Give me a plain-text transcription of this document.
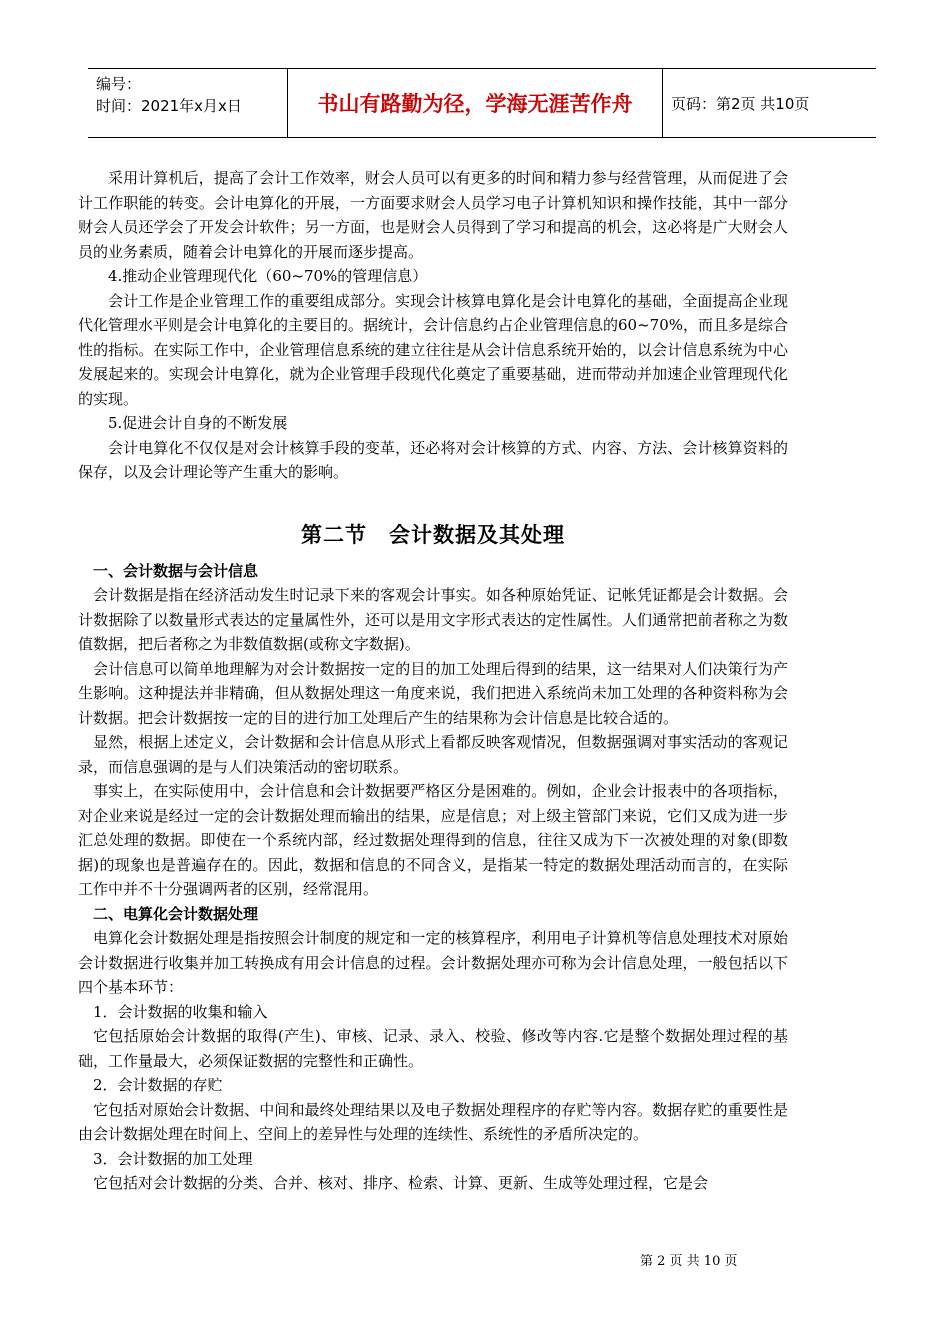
编号：
时间：2021年x月x日	书山有路勤为径，学海无涯苦作舟	页码：第2页 共10页

采用计算机后，提高了会计工作效率，财会人员可以有更多的时间和精力参与经营管理，从而促进了会计工作职能的转变。会计电算化的开展，一方面要求财会人员学习电子计算机知识和操作技能，其中一部分财会人员还学会了开发会计软件；另一方面，也是财会人员得到了学习和提高的机会，这必将是广大财会人员的业务素质，随着会计电算化的开展而逐步提高。

4.推动企业管理现代化（60~70%的管理信息）

会计工作是企业管理工作的重要组成部分。实现会计核算电算化是会计电算化的基础，全面提高企业现代化管理水平则是会计电算化的主要目的。据统计，会计信息约占企业管理信息的60~70%，而且多是综合性的指标。在实际工作中，企业管理信息系统的建立往往是从会计信息系统开始的，以会计信息系统为中心发展起来的。实现会计电算化，就为企业管理手段现代化奠定了重要基础，进而带动并加速企业管理现代化的实现。

5.促进会计自身的不断发展

会计电算化不仅仅是对会计核算手段的变革，还必将对会计核算的方式、内容、方法、会计核算资料的保存，以及会计理论等产生重大的影响。

第二节　会计数据及其处理

一、会计数据与会计信息

会计数据是指在经济活动发生时记录下来的客观会计事实。如各种原始凭证、记帐凭证都是会计数据。会计数据除了以数量形式表达的定量属性外，还可以是用文字形式表达的定性属性。人们通常把前者称之为数值数据，把后者称之为非数值数据(或称文字数据)。

会计信息可以简单地理解为对会计数据按一定的目的加工处理后得到的结果，这一结果对人们决策行为产生影响。这种提法并非精确，但从数据处理这一角度来说，我们把进入系统尚未加工处理的各种资料称为会计数据。把会计数据按一定的目的进行加工处理后产生的结果称为会计信息是比较合适的。

显然，根据上述定义，会计数据和会计信息从形式上看都反映客观情况，但数据强调对事实活动的客观记录，而信息强调的是与人们决策活动的密切联系。

事实上，在实际使用中，会计信息和会计数据要严格区分是困难的。例如，企业会计报表中的各项指标，对企业来说是经过一定的会计数据处理而输出的结果，应是信息；对上级主管部门来说，它们又成为进一步汇总处理的数据。即使在一个系统内部，经过数据处理得到的信息，往往又成为下一次被处理的对象(即数据)的现象也是普遍存在的。因此，数据和信息的不同含义，是指某一特定的数据处理活动而言的，在实际工作中并不十分强调两者的区别，经常混用。

二、电算化会计数据处理

电算化会计数据处理是指按照会计制度的规定和一定的核算程序，利用电子计算机等信息处理技术对原始会计数据进行收集并加工转换成有用会计信息的过程。会计数据处理亦可称为会计信息处理，一般包括以下四个基本环节：

1．会计数据的收集和输入

它包括原始会计数据的取得(产生)、审核、记录、录入、校验、修改等内容.它是整个数据处理过程的基础，工作量最大，必须保证数据的完整性和正确性。

2．会计数据的存贮

它包括对原始会计数据、中间和最终处理结果以及电子数据处理程序的存贮等内容。数据存贮的重要性是由会计数据处理在时间上、空间上的差异性与处理的连续性、系统性的矛盾所决定的。

3．会计数据的加工处理

它包括对会计数据的分类、合并、核对、排序、检索、计算、更新、生成等处理过程，它是会

第 2 页 共 10 页
